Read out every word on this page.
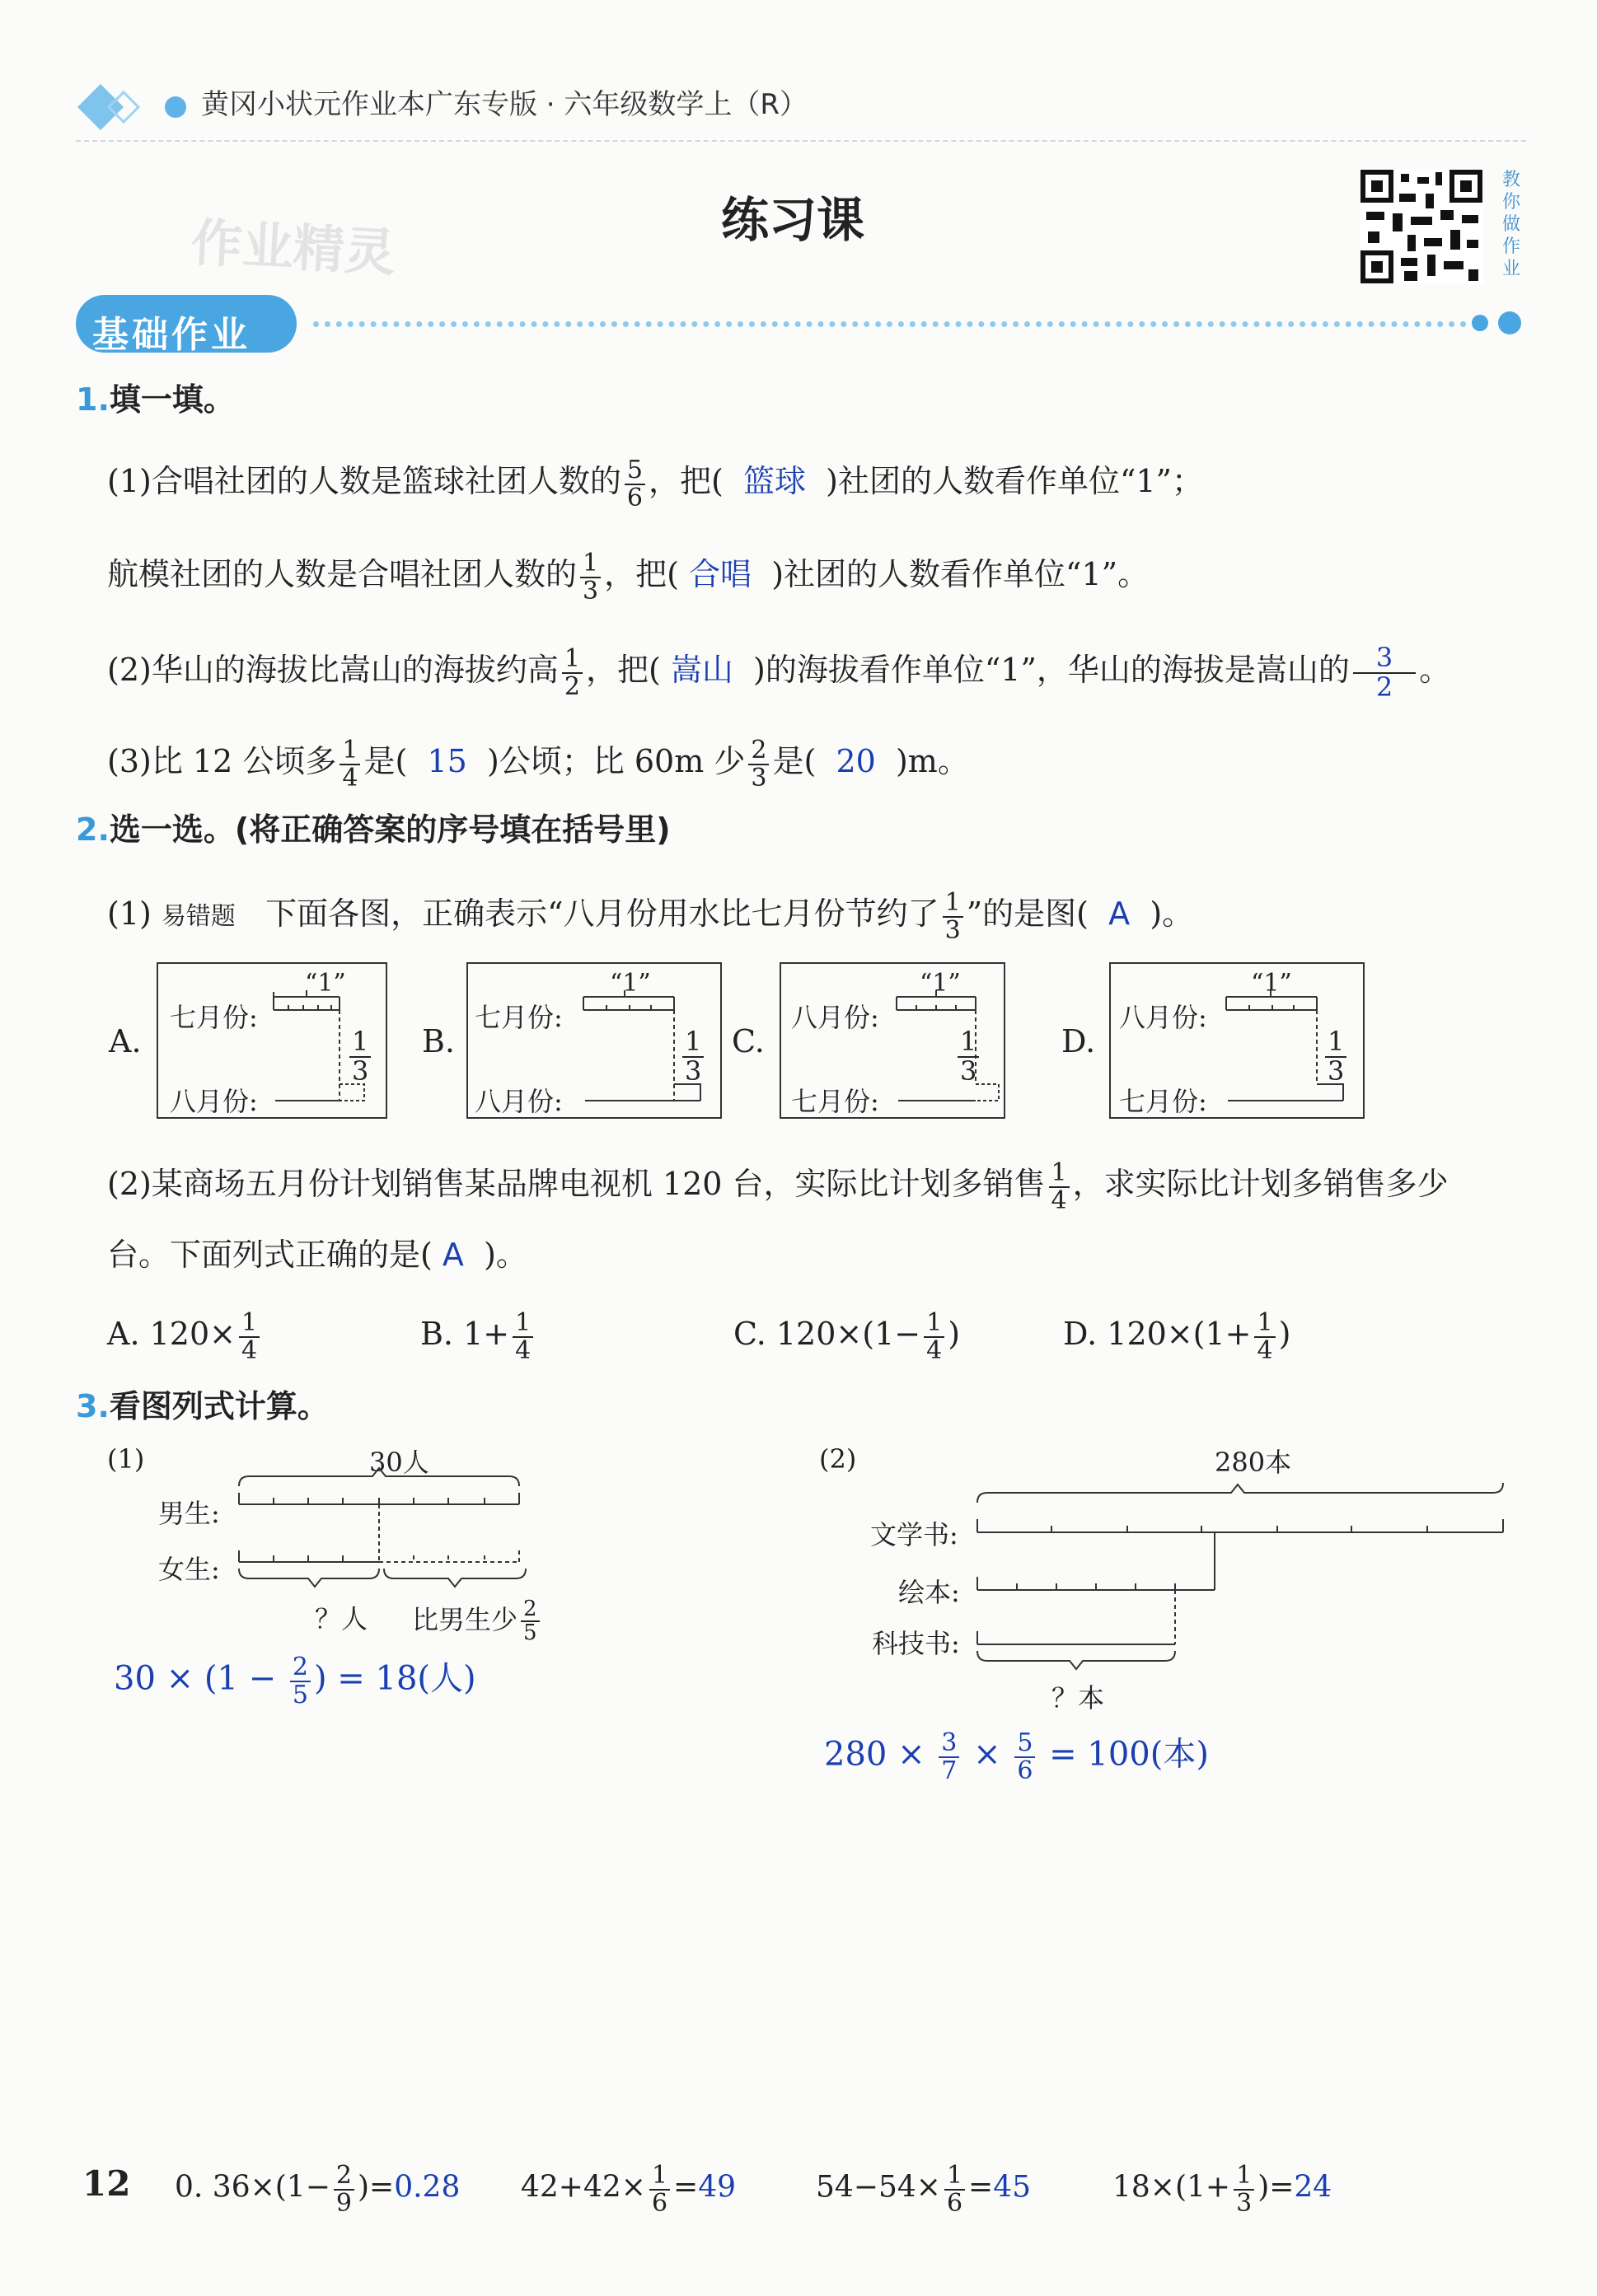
黄冈小状元作业本广东专版 · 六年级数学上（R）
练习课
作业精灵
教
你
做
作
业
基础作业
1.填一填。
(1)合唱社团的人数是篮球社团人数的 $\frac{5}{6}$ ，把( 篮球 )社团的人数看作单位“1”；
航模社团的人数是合唱社团人数的 $\frac{1}{3}$ ，把( 合唱 )社团的人数看作单位“1”。
(2)华山的海拔比嵩山的海拔约高 $\frac{1}{2}$ ，把( 嵩山 )的海拔看作单位“1”，华山的海拔是嵩山的 $\frac{3}{2}$ 。
(3)比 12 公顷多 $\frac{1}{4}$ 是( 15 )公顷；比 60m 少 $\frac{2}{3}$ 是( 20 )m。
2.选一选。(将正确答案的序号填在括号里)
(1) 易错题 下面各图，正确表示“八月份用水比七月份节约了 $\frac{1}{3}$ ”的是图( A )。
A.
“1”
七月份:
八月份:
$\frac{1}{3} B$.
“1”
七月份:
八月份:
$\frac{1}{3} C$.
“1”
八月份:
七月份:
$\frac{1}{3}$	D.
“1”
八月份:
七月份:
$\frac{1}{3}$
(2)某商场五月份计划销售某品牌电视机 120 台，实际比计划多销售 $\frac{1}{4}$ ，求实际比计划多销售多少
台。下面列式正确的是( A )。
A. $120\times \frac{1}{4}$	B. $1+ \frac{1}{4}$	C. $120\times(1- \frac{1}{4}$ )	D. $120\times(1+ \frac{1}{4}$ )
3.看图列式计算。
(1)	30人
男生:
女生:
？人 比男生少 $\frac{2}{5}$
$30 \times (1 - \frac{2}{5}$ ) = 18(人)
(2)	280本
文学书:
绘本:
科技书:
？本
$280 \times \frac{3}{7} \times \frac{5}{6} = 100$(本)
12 0. $36\times(1- \frac{2}{9} )=0.28$ $42+42\times \frac{1}{6} =49$	$54-54\times \frac{1}{6} =45$	$18\times(1+ \frac{1}{3} )=24$
